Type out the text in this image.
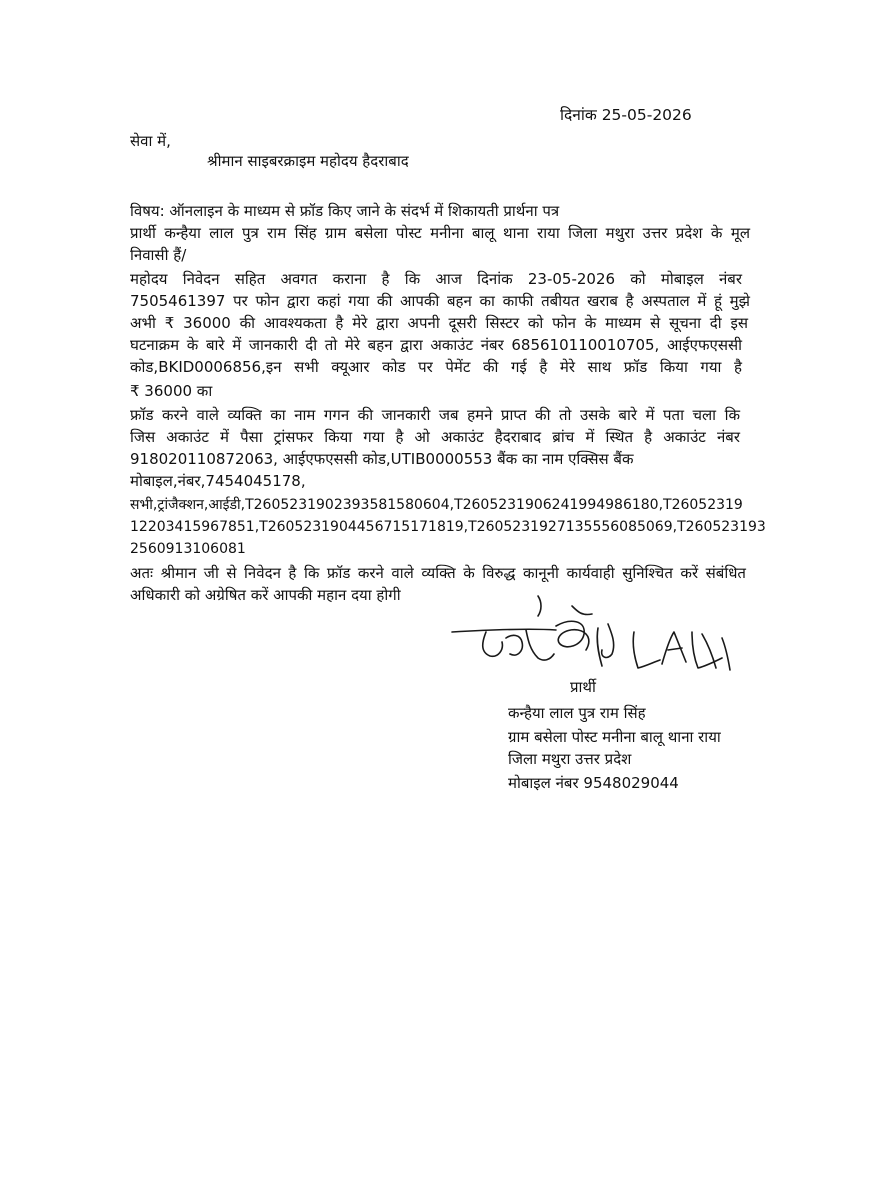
दिनांक 25-05-2026
सेवा में,
श्रीमान साइबरक्राइम महोदय हैदराबाद
विषय: ऑनलाइन के माध्यम से फ्रॉड किए जाने के संदर्भ में शिकायती प्रार्थना पत्र
प्रार्थी कन्हैया लाल पुत्र राम सिंह ग्राम बसेला पोस्ट मनीना बालू थाना राया जिला मथुरा उत्तर प्रदेश के मूल
निवासी हैं/
महोदय निवेदन सहित अवगत कराना है कि आज दिनांक 23-05-2026 को मोबाइल नंबर
7505461397 पर फोन द्वारा कहां गया की आपकी बहन का काफी तबीयत खराब है अस्पताल में हूं मुझे
अभी ₹ 36000 की आवश्यकता है मेरे द्वारा अपनी दूसरी सिस्टर को फोन के माध्यम से सूचना दी इस
घटनाक्रम के बारे में जानकारी दी तो मेरे बहन द्वारा अकाउंट नंबर 685610110010705, आईएफएससी
कोड,BKID0006856,इन सभी क्यूआर कोड पर पेमेंट की गई है मेरे साथ फ्रॉड किया गया है
₹ 36000 का
फ्रॉड करने वाले व्यक्ति का नाम गगन की जानकारी जब हमने प्राप्त की तो उसके बारे में पता चला कि
जिस अकाउंट में पैसा ट्रांसफर किया गया है ओ अकाउंट हैदराबाद ब्रांच में स्थित है अकाउंट नंबर
918020110872063, आईएफएससी कोड,UTIB0000553 बैंक का नाम एक्सिस बैंक
मोबाइल,नंबर,7454045178,
सभी,ट्रांजैक्शन,आईडी,T2605231902393581580604,T2605231906241994986180,T26052319
12203415967851,T2605231904456715171819,T2605231927135556085069,T260523193
2560913106081
अतः श्रीमान जी से निवेदन है कि फ्रॉड करने वाले व्यक्ति के विरुद्ध कानूनी कार्यवाही सुनिश्चित करें संबंधित
अधिकारी को अग्रेषित करें आपकी महान दया होगी
प्रार्थी
कन्हैया लाल पुत्र राम सिंह
ग्राम बसेला पोस्ट मनीना बालू थाना राया
जिला मथुरा उत्तर प्रदेश
मोबाइल नंबर 9548029044
